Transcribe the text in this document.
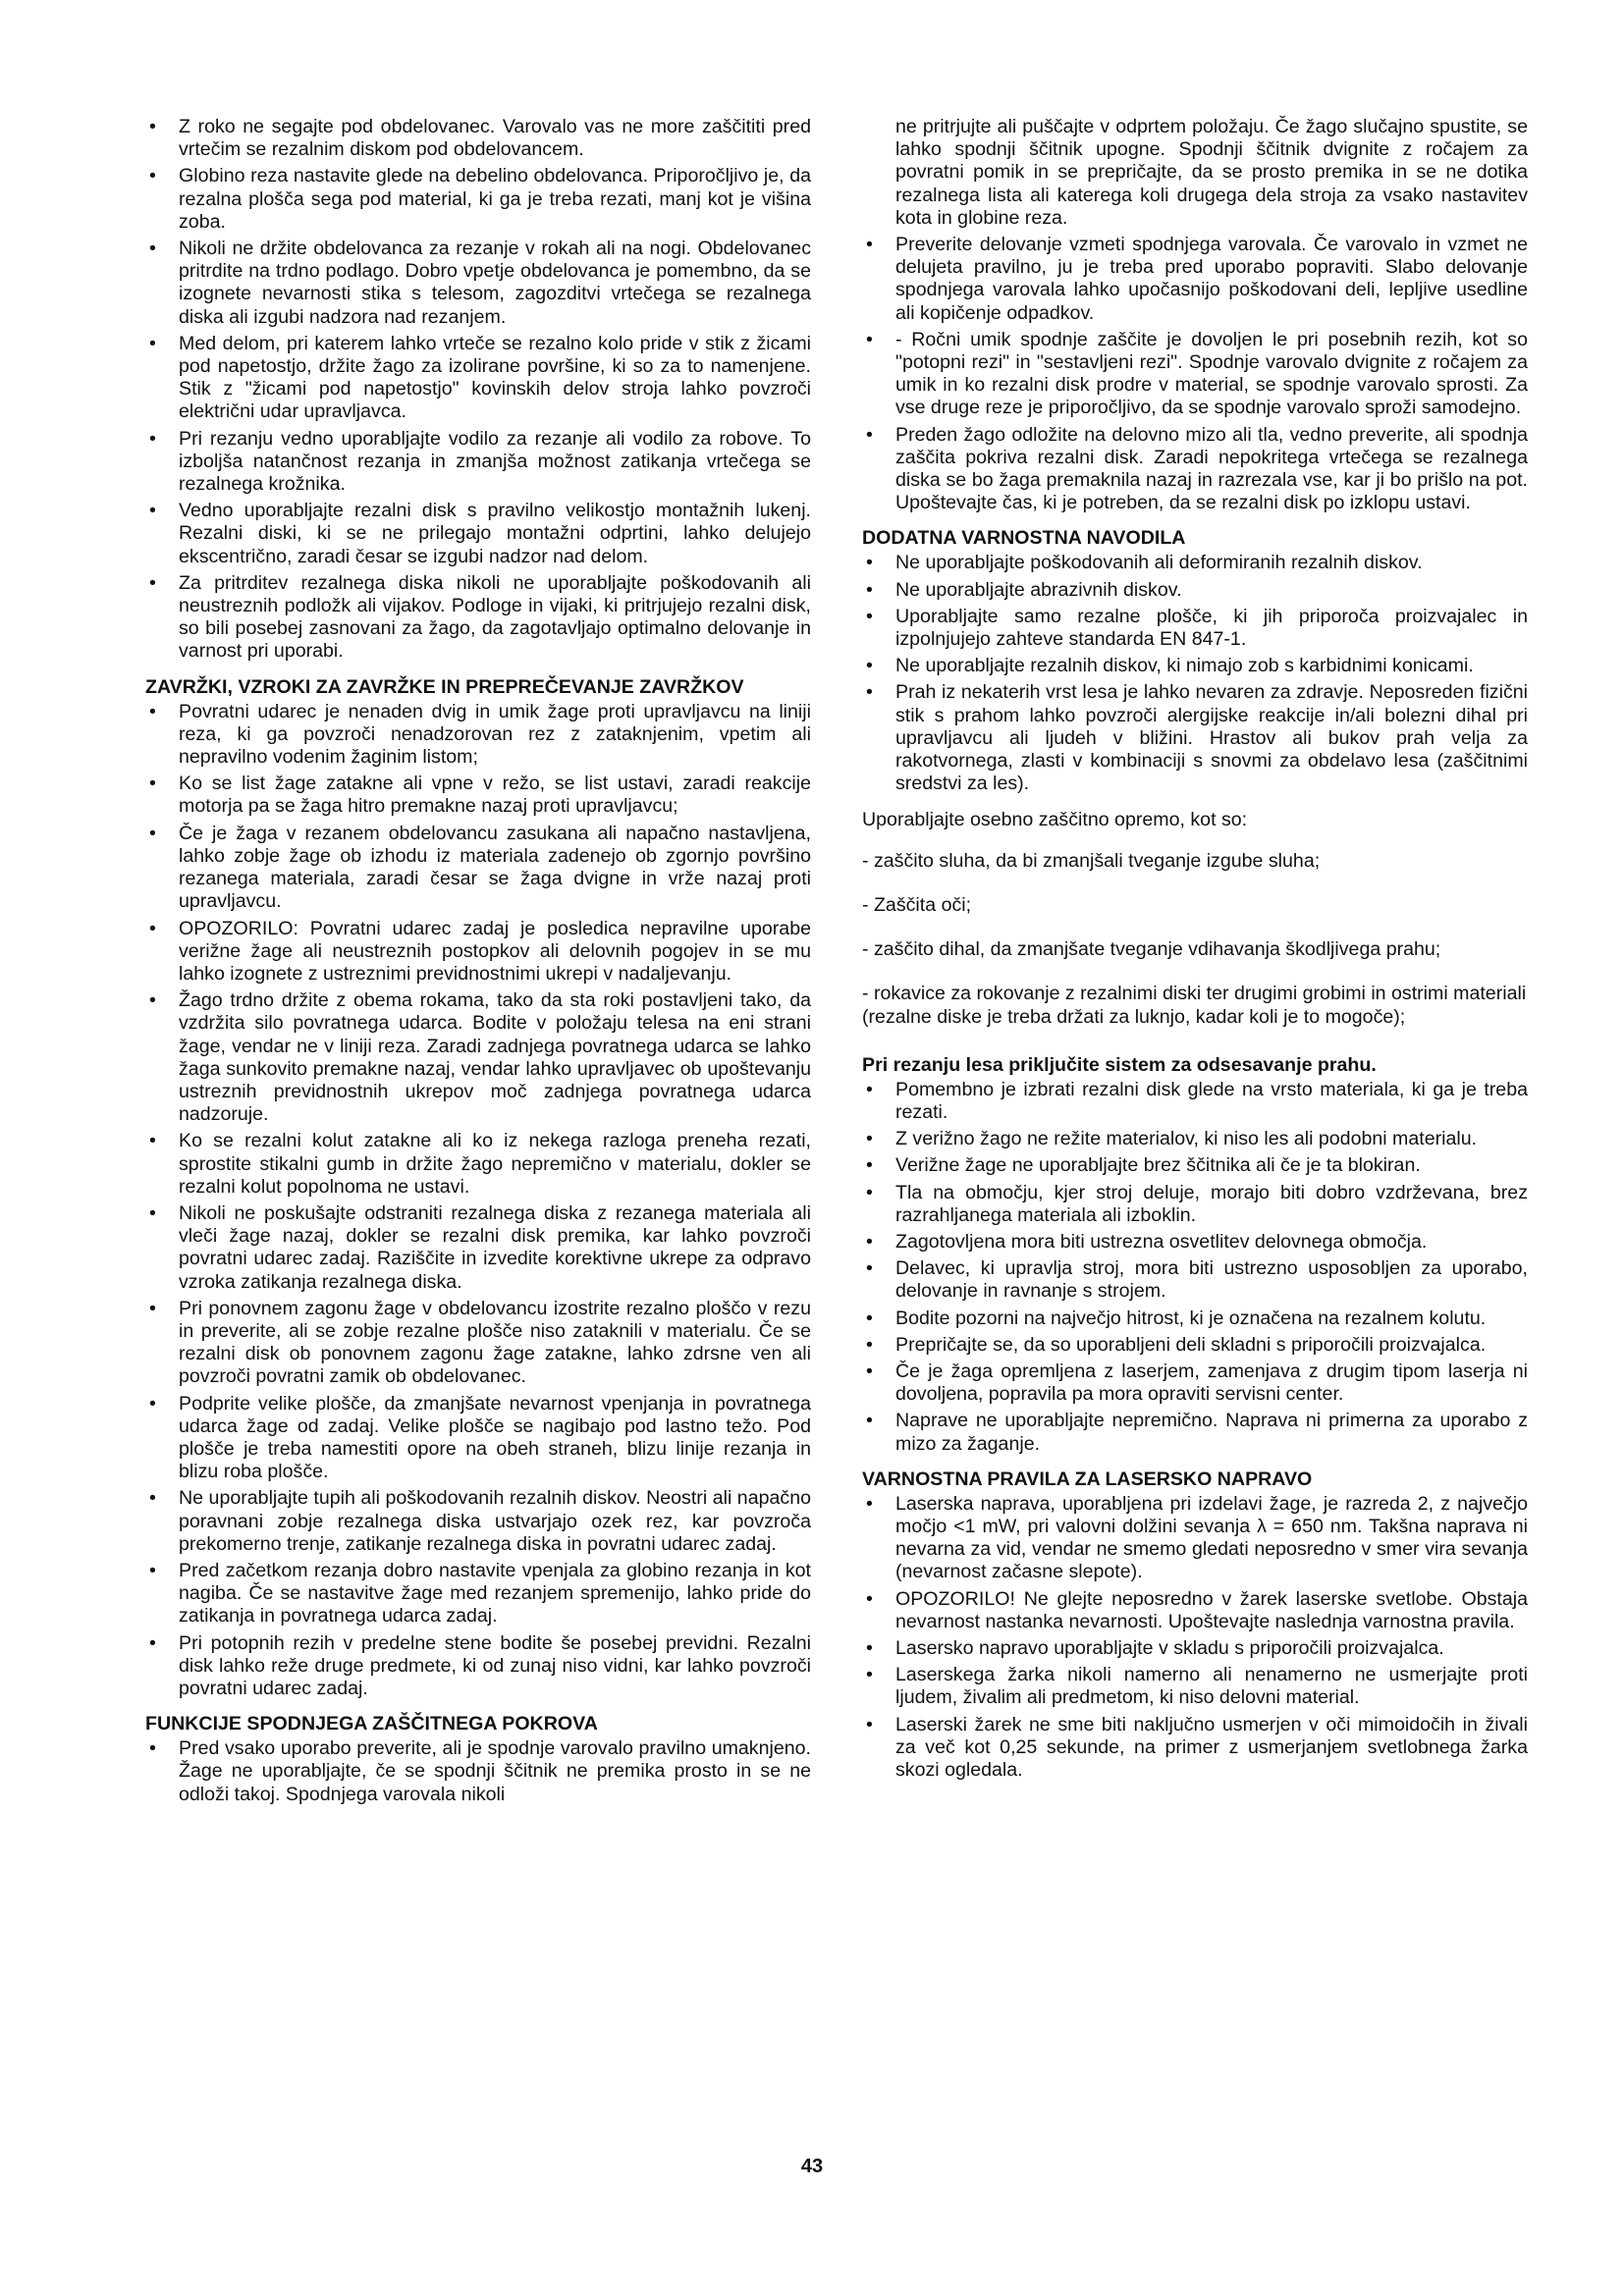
• Z roko ne segajte pod obdelovanec. Varovalo vas ne more zaščititi pred vrtečim se rezalnim diskom pod obdelovancem.
• Globino reza nastavite glede na debelino obdelovanca. Priporočljivo je, da rezalna plošča sega pod material, ki ga je treba rezati, manj kot je višina zoba.
• Nikoli ne držite obdelovanca za rezanje v rokah ali na nogi. Obdelovanec pritrdite na trdno podlago. Dobro vpetje obdelovanca je pomembno, da se izognete nevarnosti stika s telesom, zagozditvi vrtečega se rezalnega diska ali izgubi nadzora nad rezanjem.
• Med delom, pri katerem lahko vrteče se rezalno kolo pride v stik z žicami pod napetostjo, držite žago za izolirane površine, ki so za to namenjene. Stik z "žicami pod napetostjo" kovinskih delov stroja lahko povzroči električni udar upravljavca.
• Pri rezanju vedno uporabljajte vodilo za rezanje ali vodilo za robove. To izboljša natančnost rezanja in zmanjša možnost zatikanja vrtečega se rezalnega krožnika.
• Vedno uporabljajte rezalni disk s pravilno velikostjo montažnih lukenj. Rezalni diski, ki se ne prilegajo montažni odprtini, lahko delujejo ekscentrično, zaradi česar se izgubi nadzor nad delom.
• Za pritrditev rezalnega diska nikoli ne uporabljajte poškodovanih ali neustreznih podložk ali vijakov. Podloge in vijaki, ki pritrjujejo rezalni disk, so bili posebej zasnovani za žago, da zagotavljajo optimalno delovanje in varnost pri uporabi.
ZAVRŽKI, VZROKI ZA ZAVRŽKE IN PREPREČEVANJE ZAVRŽKOV
• Povratni udarec je nenaden dvig in umik žage proti upravljavcu na liniji reza, ki ga povzroči nenadzorovan rez z zataknjenim, vpetim ali nepravilno vodenim žaginim listom;
• Ko se list žage zatakne ali vpne v režo, se list ustavi, zaradi reakcije motorja pa se žaga hitro premakne nazaj proti upravljavcu;
• Če je žaga v rezanem obdelovancu zasukana ali napačno nastavljena, lahko zobje žage ob izhodu iz materiala zadenejo ob zgornjo površino rezanega materiala, zaradi česar se žaga dvigne in vrže nazaj proti upravljavcu.
• OPOZORILO: Povratni udarec zadaj je posledica nepravilne uporabe verižne žage ali neustreznih postopkov ali delovnih pogojev in se mu lahko izognete z ustreznimi previdnostnimi ukrepi v nadaljevanju.
• Žago trdno držite z obema rokama, tako da sta roki postavljeni tako, da vzdržita silo povratnega udarca. Bodite v položaju telesa na eni strani žage, vendar ne v liniji reza. Zaradi zadnjega povratnega udarca se lahko žaga sunkovito premakne nazaj, vendar lahko upravljavec ob upoštevanju ustreznih previdnostnih ukrepov moč zadnjega povratnega udarca nadzoruje.
• Ko se rezalni kolut zatakne ali ko iz nekega razloga preneha rezati, sprostite stikalni gumb in držite žago nepremično v materialu, dokler se rezalni kolut popolnoma ne ustavi.
• Nikoli ne poskušajte odstraniti rezalnega diska z rezanega materiala ali vleči žage nazaj, dokler se rezalni disk premika, kar lahko povzroči povratni udarec zadaj. Raziščite in izvedite korektivne ukrepe za odpravo vzroka zatikanja rezalnega diska.
• Pri ponovnem zagonu žage v obdelovancu izostrite rezalno ploščo v rezu in preverite, ali se zobje rezalne plošče niso zataknili v materialu. Če se rezalni disk ob ponovnem zagonu žage zatakne, lahko zdrsne ven ali povzroči povratni zamik ob obdelovanec.
• Podprite velike plošče, da zmanjšate nevarnost vpenjanja in povratnega udarca žage od zadaj. Velike plošče se nagibajo pod lastno težo. Pod plošče je treba namestiti opore na obeh straneh, blizu linije rezanja in blizu roba plošče.
• Ne uporabljajte tupih ali poškodovanih rezalnih diskov. Neostri ali napačno poravnani zobje rezalnega diska ustvarjajo ozek rez, kar povzroča prekomerno trenje, zatikanje rezalnega diska in povratni udarec zadaj.
• Pred začetkom rezanja dobro nastavite vpenjala za globino rezanja in kot nagiba. Če se nastavitve žage med rezanjem spremenijo, lahko pride do zatikanja in povratnega udarca zadaj.
• Pri potopnih rezih v predelne stene bodite še posebej previdni. Rezalni disk lahko reže druge predmete, ki od zunaj niso vidni, kar lahko povzroči povratni udarec zadaj.
FUNKCIJE SPODNJEGA ZAŠČITNEGA POKROVA
• Pred vsako uporabo preverite, ali je spodnje varovalo pravilno umaknjeno. Žage ne uporabljajte, če se spodnji ščitnik ne premika prosto in se ne odloži takoj. Spodnjega varovala nikoli
ne pritrjujte ali puščajte v odprtem položaju. Če žago slučajno spustite, se lahko spodnji ščitnik upogne. Spodnji ščitnik dvignite z ročajem za povratni pomik in se prepričajte, da se prosto premika in se ne dotika rezalnega lista ali katerega koli drugega dela stroja za vsako nastavitev kota in globine reza.
• Preverite delovanje vzmeti spodnjega varovala. Če varovalo in vzmet ne delujeta pravilno, ju je treba pred uporabo popraviti. Slabo delovanje spodnjega varovala lahko upočasnijo poškodovani deli, lepljive usedline ali kopičenje odpadkov.
• - Ročni umik spodnje zaščite je dovoljen le pri posebnih rezih, kot so "potopni rezi" in "sestavljeni rezi". Spodnje varovalo dvignite z ročajem za umik in ko rezalni disk prodre v material, se spodnje varovalo sprosti. Za vse druge reze je priporočljivo, da se spodnje varovalo sproži samodejno.
• Preden žago odložite na delovno mizo ali tla, vedno preverite, ali spodnja zaščita pokriva rezalni disk. Zaradi nepokritega vrtečega se rezalnega diska se bo žaga premaknila nazaj in razrezala vse, kar ji bo prišlo na pot. Upoštevajte čas, ki je potreben, da se rezalni disk po izklopu ustavi.
DODATNA VARNOSTNA NAVODILA
• Ne uporabljajte poškodovanih ali deformiranih rezalnih diskov.
• Ne uporabljajte abrazivnih diskov.
• Uporabljajte samo rezalne plošče, ki jih priporoča proizvajalec in izpolnjujejo zahteve standarda EN 847-1.
• Ne uporabljajte rezalnih diskov, ki nimajo zob s karbidnimi konicami.
• Prah iz nekaterih vrst lesa je lahko nevaren za zdravje. Neposreden fizični stik s prahom lahko povzroči alergijske reakcije in/ali bolezni dihal pri upravljavcu ali ljudeh v bližini. Hrastov ali bukov prah velja za rakotvornega, zlasti v kombinaciji s snovmi za obdelavo lesa (zaščitnimi sredstvi za les).

Uporabljajte osebno zaščitno opremo, kot so:

- zaščito sluha, da bi zmanjšali tveganje izgube sluha;

- Zaščita oči;

- zaščito dihal, da zmanjšate tveganje vdihavanja škodljivega prahu;

- rokavice za rokovanje z rezalnimi diski ter drugimi grobimi in ostrimi materiali (rezalne diske je treba držati za luknjo, kadar koli je to mogoče);

Pri rezanju lesa priključite sistem za odsesavanje prahu.
• Pomembno je izbrati rezalni disk glede na vrsto materiala, ki ga je treba rezati.
• Z verižno žago ne režite materialov, ki niso les ali podobni materialu.
• Verižne žage ne uporabljajte brez ščitnika ali če je ta blokiran.
• Tla na območju, kjer stroj deluje, morajo biti dobro vzdrževana, brez razrahljanega materiala ali izboklin.
• Zagotovljena mora biti ustrezna osvetlitev delovnega območja.
• Delavec, ki upravlja stroj, mora biti ustrezno usposobljen za uporabo, delovanje in ravnanje s strojem.
• Bodite pozorni na največjo hitrost, ki je označena na rezalnem kolutu.
• Prepričajte se, da so uporabljeni deli skladni s priporočili proizvajalca.
• Če je žaga opremljena z laserjem, zamenjava z drugim tipom laserja ni dovoljena, popravila pa mora opraviti servisni center.
• Naprave ne uporabljajte nepremično. Naprava ni primerna za uporabo z mizo za žaganje.
VARNOSTNA PRAVILA ZA LASERSKO NAPRAVO
• Laserska naprava, uporabljena pri izdelavi žage, je razreda 2, z največjo močjo <1 mW, pri valovni dolžini sevanja λ = 650 nm. Takšna naprava ni nevarna za vid, vendar ne smemo gledati neposredno v smer vira sevanja (nevarnost začasne slepote).
• OPOZORILO! Ne glejte neposredno v žarek laserske svetlobe. Obstaja nevarnost nastanka nevarnosti. Upoštevajte naslednja varnostna pravila.
• Lasersko napravo uporabljajte v skladu s priporočili proizvajalca.
• Laserskega žarka nikoli namerno ali nenamerno ne usmerjajte proti ljudem, živalim ali predmetom, ki niso delovni material.
• Laserski žarek ne sme biti naključno usmerjen v oči mimoidočih in živali za več kot 0,25 sekunde, na primer z usmerjanjem svetlobnega žarka skozi ogledala.
43
